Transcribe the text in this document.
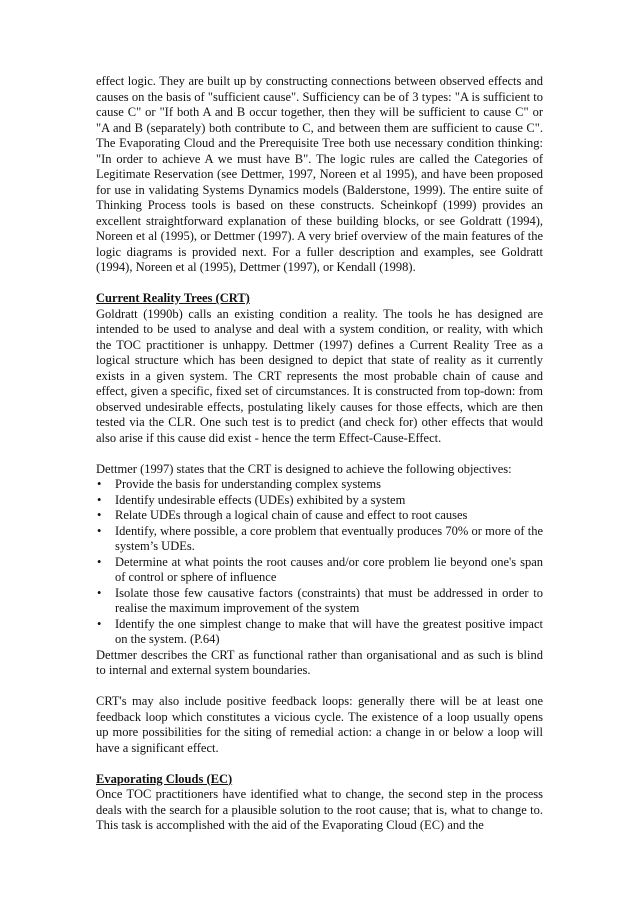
effect logic. They are built up by constructing connections between observed effects and causes on the basis of "sufficient cause". Sufficiency can be of 3 types: "A is sufficient to cause C" or "If both A and B occur together, then they will be sufficient to cause C" or "A and B (separately) both contribute to C, and between them are sufficient to cause C". The Evaporating Cloud and the Prerequisite Tree both use necessary condition thinking: "In order to achieve A we must have B". The logic rules are called the Categories of Legitimate Reservation (see Dettmer, 1997, Noreen et al 1995), and have been proposed for use in validating Systems Dynamics models (Balderstone, 1999). The entire suite of Thinking Process tools is based on these constructs. Scheinkopf (1999) provides an excellent straightforward explanation of these building blocks, or see Goldratt (1994), Noreen et al (1995), or Dettmer (1997). A very brief overview of the main features of the logic diagrams is provided next. For a fuller description and examples, see Goldratt (1994), Noreen et al (1995), Dettmer (1997), or Kendall (1998).

Current Reality Trees (CRT)

Goldratt (1990b) calls an existing condition a reality. The tools he has designed are intended to be used to analyse and deal with a system condition, or reality, with which the TOC practitioner is unhappy. Dettmer (1997) defines a Current Reality Tree as a logical structure which has been designed to depict that state of reality as it currently exists in a given system. The CRT represents the most probable chain of cause and effect, given a specific, fixed set of circumstances. It is constructed from top-down: from observed undesirable effects, postulating likely causes for those effects, which are then tested via the CLR. One such test is to predict (and check for) other effects that would also arise if this cause did exist - hence the term Effect-Cause-Effect.

Dettmer (1997) states that the CRT is designed to achieve the following objectives:

• Provide the basis for understanding complex systems
• Identify undesirable effects (UDEs) exhibited by a system
• Relate UDEs through a logical chain of cause and effect to root causes
• Identify, where possible, a core problem that eventually produces 70% or more of the system’s UDEs.
• Determine at what points the root causes and/or core problem lie beyond one's span of control or sphere of influence
• Isolate those few causative factors (constraints) that must be addressed in order to realise the maximum improvement of the system
• Identify the one simplest change to make that will have the greatest positive impact on the system. (P.64)

Dettmer describes the CRT as functional rather than organisational and as such is blind to internal and external system boundaries.

CRT's may also include positive feedback loops: generally there will be at least one feedback loop which constitutes a vicious cycle. The existence of a loop usually opens up more possibilities for the siting of remedial action: a change in or below a loop will have a significant effect.

Evaporating Clouds (EC)

Once TOC practitioners have identified what to change, the second step in the process deals with the search for a plausible solution to the root cause; that is, what to change to. This task is accomplished with the aid of the Evaporating Cloud (EC) and the
